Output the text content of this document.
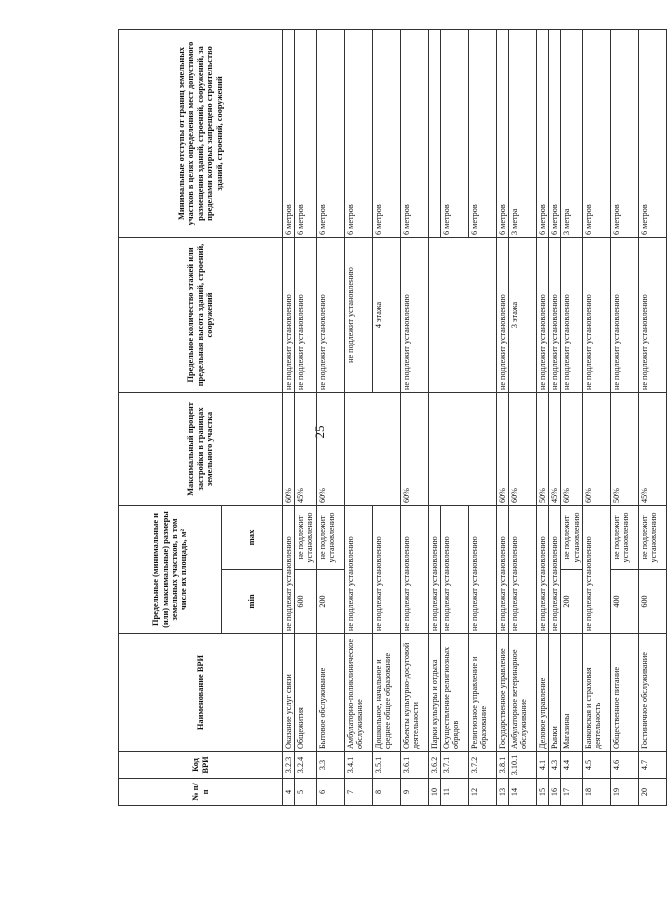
25
№ п/п	Код ВРИ	Наименование ВРИ	Предельные (минимальные и (или) максимальные) размеры земельных участков, в том числе их площадь, м²		Максимальный процент застройки в границах земельного участка	Предельное количество этажей или предельная высота зданий, строений, сооружений	Минимальные отступы от границ земельных участков в целях определения мест допустимого размещения зданий, строений, сооружений, за пределами которых запрещено строительство зданий, строений, сооружений
			min	max			
4	3.2.3	Оказание услуг связи	не подлежат установлению		60%	не подлежит установлению	6 метров
5	3.2.4	Общежития	600	не подлежит установлению	45%	не подлежит установлению	6 метров
6	3.3	Бытовое обслуживание	200	не подлежит установлению	60%	не подлежит установлению	6 метров
7	3.4.1	Амбулаторно-поликлиническое обслуживание	не подлежат установлению			не подлежит установлению	6 метров
8	3.5.1	Дошкольное, начальное и среднее общее образование	не подлежат установлению			4 этажа	6 метров
9	3.6.1	Объекты культурно-досуговой деятельности	не подлежат установлению		60%	не подлежит установлению	6 метров
10	3.6.2	Парки культуры и отдыха	не подлежат установлению				
11	3.7.1	Осуществление религиозных обрядов	не подлежат установлению				6 метров
12	3.7.2	Религиозное управление и образование	не подлежат установлению				6 метров
13	3.8.1	Государственное управление	не подлежат установлению		60%	не подлежит установлению	6 метров
14	3.10.1	Амбулаторное ветеринарное обслуживание	не подлежат установлению		60%	3 этажа	3 метра
15	4.1	Деловое управление	не подлежат установлению		50%	не подлежит установлению	6 метров
16	4.3	Рынки	не подлежат установлению		45%	не подлежит установлению	6 метров
17	4.4	Магазины	200	не подлежит установлению	60%	не подлежит установлению	3 метра
18	4.5	Банковская и страховая деятельность	не подлежат установлению		60%	не подлежит установлению	6 метров
19	4.6	Общественное питание	400	не подлежит установлению	50%	не подлежит установлению	6 метров
20	4.7	Гостиничное обслуживание	600	не подлежит установлению	45%	не подлежит установлению	6 метров
